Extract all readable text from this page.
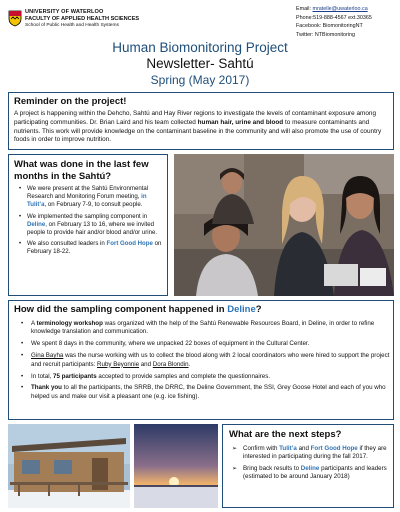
UNIVERSITY OF WATERLOO
FACULTY OF APPLIED HEALTH SCIENCES
School of Public Health and Health Systems
Email: mratelle@uwaterloo.ca
Phone:519-888-4567 ext.30365
Facebook: BiomonitoringNT
Twitter: NTBiomonitoring
Human Biomonitoring Project
Newsletter- Sahtú
Spring (May 2017)
Reminder on the project!
A project is happening within the Dehcho, Sahtú and Hay River regions to investigate the levels of contaminant exposure among participating communities. Dr. Brian Laird and his team collected human hair, urine and blood to measure contaminants and nutrients. This work will provide knowledge on the contaminant baseline in the community and will also promote the use of country foods in order to improve nutrition.
What was done in the last few months in the Sahtú?
• We were present at the Sahtú Environmental Research and Monitoring Forum meeting, in Tulit’a, on February 7-9, to consult people.
• We implemented the sampling component in Deline, on February 13 to 16, where we invited people to provide hair and/or blood and/or urine.
• We also consulted leaders in Fort Good Hope on February 18-22.
How did the sampling component happened in Deline?
• A terminology workshop was organized with the help of the Sahtú Renewable Resources Board, in Deline, in order to refine knowledge translation and communication.
• We spent 8 days in the community, where we unpacked 22 boxes of equipment in the Cultural Center.
• Gina Bayha was the nurse working with us to collect the blood along with 2 local coordinators who were hired to support the project and recruit participants: Ruby Beyonnie and Dora Blondin.
• In total, 75 participants accepted to provide samples and complete the questionnaires.
• Thank you to all the participants, the SRRB, the DRRC, the Deline Government, the SSI, Grey Goose Hotel and each of you who helped us and make our visit a pleasant one (e.g. ice fishing).
What are the next steps?
➢ Confirm with Tulit’a and Fort Good Hope if they are interested in participating during the fall 2017.
➢ Bring back results to Deline participants and leaders (estimated to be around January 2018)
